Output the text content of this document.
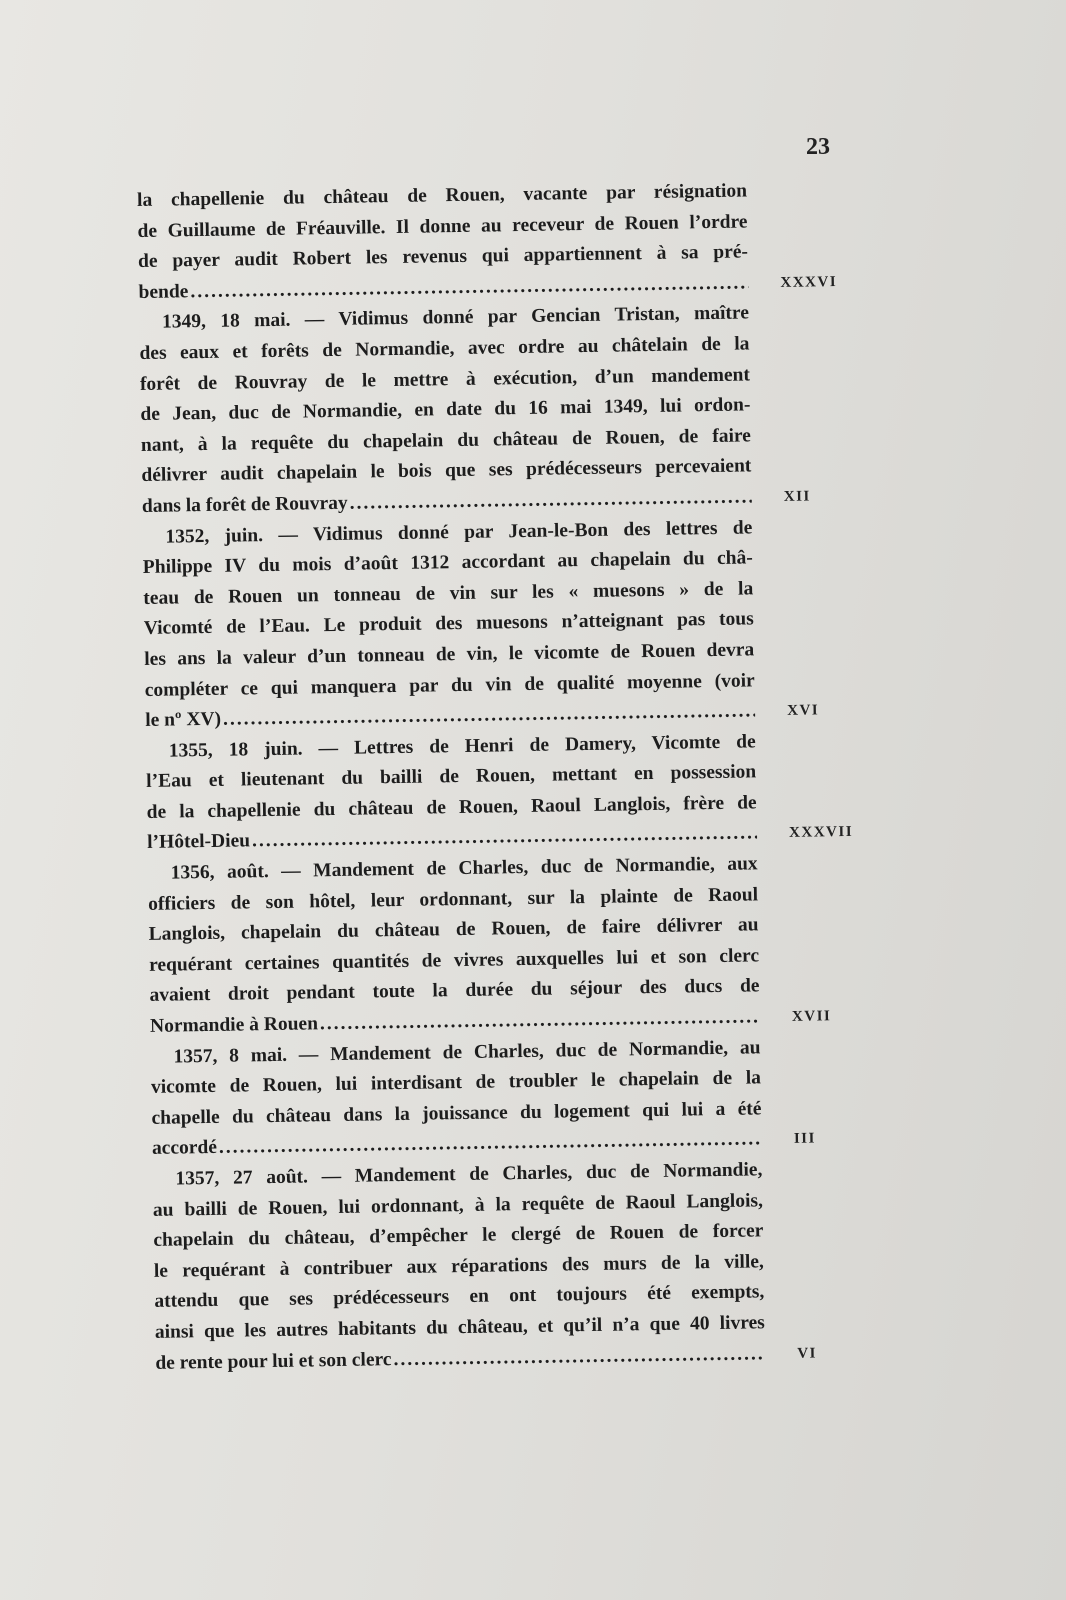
23
la chapellenie du château de Rouen, vacante par résignation
de Guillaume de Fréauville. Il donne au receveur de Rouen l’ordre
de payer audit Robert les revenus qui appartiennent à sa pré-
bende .....	XXXVI
1349, 18 mai. — Vidimus donné par Gencian Tristan, maître
des eaux et forêts de Normandie, avec ordre au châtelain de la
forêt de Rouvray de le mettre à exécution, d’un mandement
de Jean, duc de Normandie, en date du 16 mai 1349, lui ordon-
nant, à la requête du chapelain du château de Rouen, de faire
délivrer audit chapelain le bois que ses prédécesseurs percevaient
dans la forêt de Rouvray .....	XII
1352, juin. — Vidimus donné par Jean-le-Bon des lettres de
Philippe IV du mois d’août 1312 accordant au chapelain du châ-
teau de Rouen un tonneau de vin sur les « muesons » de la
Vicomté de l’Eau. Le produit des muesons n’atteignant pas tous
les ans la valeur d’un tonneau de vin, le vicomte de Rouen devra
compléter ce qui manquera par du vin de qualité moyenne (voir
le nº XV) .....	XVI
1355, 18 juin. — Lettres de Henri de Damery, Vicomte de
l’Eau et lieutenant du bailli de Rouen, mettant en possession
de la chapellenie du château de Rouen, Raoul Langlois, frère de
l’Hôtel-Dieu .....	XXXVII
1356, août. — Mandement de Charles, duc de Normandie, aux
officiers de son hôtel, leur ordonnant, sur la plainte de Raoul
Langlois, chapelain du château de Rouen, de faire délivrer au
requérant certaines quantités de vivres auxquelles lui et son clerc
avaient droit pendant toute la durée du séjour des ducs de
Normandie à Rouen .....	XVII
1357, 8 mai. — Mandement de Charles, duc de Normandie, au
vicomte de Rouen, lui interdisant de troubler le chapelain de la
chapelle du château dans la jouissance du logement qui lui a été
accordé .....	III
1357, 27 août. — Mandement de Charles, duc de Normandie,
au bailli de Rouen, lui ordonnant, à la requête de Raoul Langlois,
chapelain du château, d’empêcher le clergé de Rouen de forcer
le requérant à contribuer aux réparations des murs de la ville,
attendu que ses prédécesseurs en ont toujours été exempts,
ainsi que les autres habitants du château, et qu’il n’a que 40 livres
de rente pour lui et son clerc .....	VI
